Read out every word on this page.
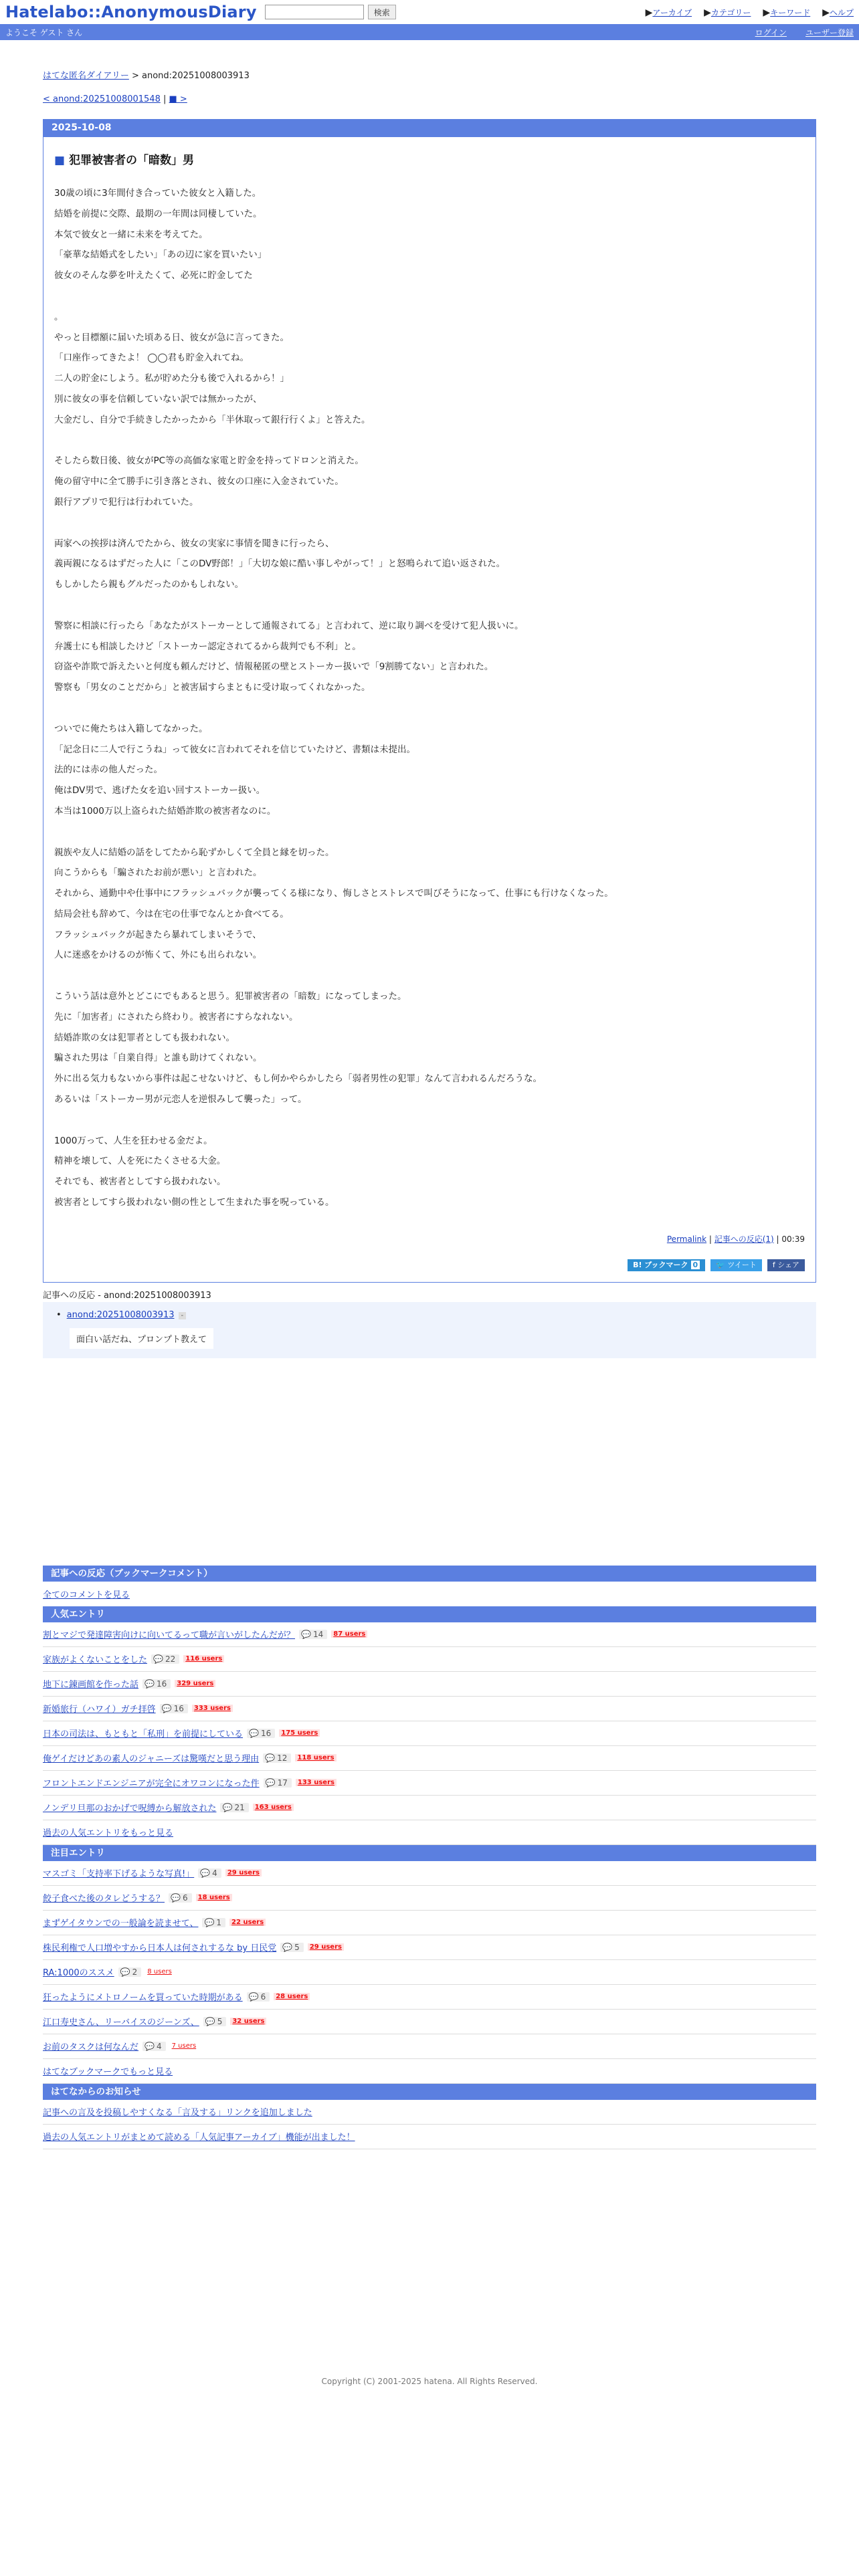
Hatelabo::AnonymousDiary	検索	▶アーカイブ ▶カテゴリー ▶キーワード ▶ヘルプ
ようこそ ゲスト さん	ログイン ユーザー登録
はてな匿名ダイアリー > anond:20251008003913
< anond:20251008001548 | ■ >
2025-10-08
■ 犯罪被害者の「暗数」男
30歳の頃に3年間付き合っていた彼女と入籍した。
結婚を前提に交際、最期の一年間は同棲していた。
本気で彼女と一緒に未来を考えてた。
「豪華な結婚式をしたい」「あの辺に家を買いたい」
彼女のそんな夢を叶えたくて、必死に貯金してた
。
やっと目標額に届いた頃ある日、彼女が急に言ってきた。
「口座作ってきたよ！ ◯◯君も貯金入れてね。
二人の貯金にしよう。私が貯めた分も後で入れるから！」
別に彼女の事を信頼していない訳では無かったが、
大金だし、自分で手続きしたかったから「半休取って銀行行くよ」と答えた。
そしたら数日後、彼女がPC等の高価な家電と貯金を持ってドロンと消えた。
俺の留守中に全て勝手に引き落とされ、彼女の口座に入金されていた。
銀行アプリで犯行は行われていた。
両家への挨拶は済んでたから、彼女の実家に事情を聞きに行ったら、
義両親になるはずだった人に「このDV野郎！」「大切な娘に酷い事しやがって！」と怒鳴られて追い返された。
もしかしたら親もグルだったのかもしれない。
警察に相談に行ったら「あなたがストーカーとして通報されてる」と言われて、逆に取り調べを受けて犯人扱いに。
弁護士にも相談したけど「ストーカー認定されてるから裁判でも不利」と。
窃盗や詐欺で訴えたいと何度も頼んだけど、情報秘匿の壁とストーカー扱いで「9割勝てない」と言われた。
警察も「男女のことだから」と被害届すらまともに受け取ってくれなかった。
ついでに俺たちは入籍してなかった。
「記念日に二人で行こうね」って彼女に言われてそれを信じていたけど、書類は未提出。
法的には赤の他人だった。
俺はDV男で、逃げた女を追い回すストーカー扱い。
本当は1000万以上盗られた結婚詐欺の被害者なのに。
親族や友人に結婚の話をしてたから恥ずかしくて全員と縁を切った。
向こうからも「騙されたお前が悪い」と言われた。
それから、通勤中や仕事中にフラッシュバックが襲ってくる様になり、悔しさとストレスで叫びそうになって、仕事にも行けなくなった。
結局会社も辞めて、今は在宅の仕事でなんとか食べてる。
フラッシュバックが起きたら暴れてしまいそうで、
人に迷惑をかけるのが怖くて、外にも出られない。
こういう話は意外とどこにでもあると思う。犯罪被害者の「暗数」になってしまった。
先に「加害者」にされたら終わり。被害者にすらなれない。
結婚詐欺の女は犯罪者としても扱われない。
騙された男は「自業自得」と誰も助けてくれない。
外に出る気力もないから事件は起こせないけど、もし何かやらかしたら「弱者男性の犯罪」なんて言われるんだろうな。
あるいは「ストーカー男が元恋人を逆恨みして襲った」って。
1000万って、人生を狂わせる金だよ。
精神を壊して、人を死にたくさせる大金。
それでも、被害者としてすら扱われない。
被害者としてすら扱われない側の性として生まれた事を呪っている。
Permalink | 記事への反応(1) | 00:39
B! ブックマーク 0	🐦 ツイート	f シェア
記事への反応 - anond:20251008003913
• anond:20251008003913 -
面白い話だね、プロンプト教えて
記事への反応（ブックマークコメント）
全てのコメントを見る
人気エントリ
割とマジで発達障害向けに向いてるって職が言いがしたんだが？ 💬 14	87 users
家族がよくないことをした 💬 22	116 users
地下に錬画館を作った話 💬 16	329 users
新婚旅行（ハワイ）ガチ拝啓 💬 16	333 users
日本の司法は、もともと「私刑」を前提にしている 💬 16	175 users
俺ゲイだけどあの素人のジャニーズは驚嘆だと思う理由 💬 12	118 users
フロントエンドエンジニアが完全にオワコンになった件 💬 17	133 users
ノンデリ旦那のおかげで呪縛から解放された 💬 21	163 users
過去の人気エントリをもっと見る
注目エントリ
マスゴミ「支持率下げるような写真!」 💬 4	29 users
餃子食べた後のタレどうする？ 💬 6	18 users
まずゲイタウンでの一般論を読ませて、 💬 1	22 users
株民利権で人口増やすから日本人は何されするな by 日民党 💬 5	29 users
RA:1000のススメ 💬 2	8 users
狂ったようにメトロノームを買っていた時期がある 💬 6	28 users
江口寿史さん、リーバイスのジーンズ、 💬 5	32 users
お前のタスクは何なんだ 💬 4	7 users
はてなブックマークでもっと見る
はてなからのお知らせ
記事への言及を投稿しやすくなる「言及する」リンクを追加しました
過去の人気エントリがまとめて読める「人気記事アーカイブ」機能が出ました！
Copyright (C) 2001-2025 hatena. All Rights Reserved.
